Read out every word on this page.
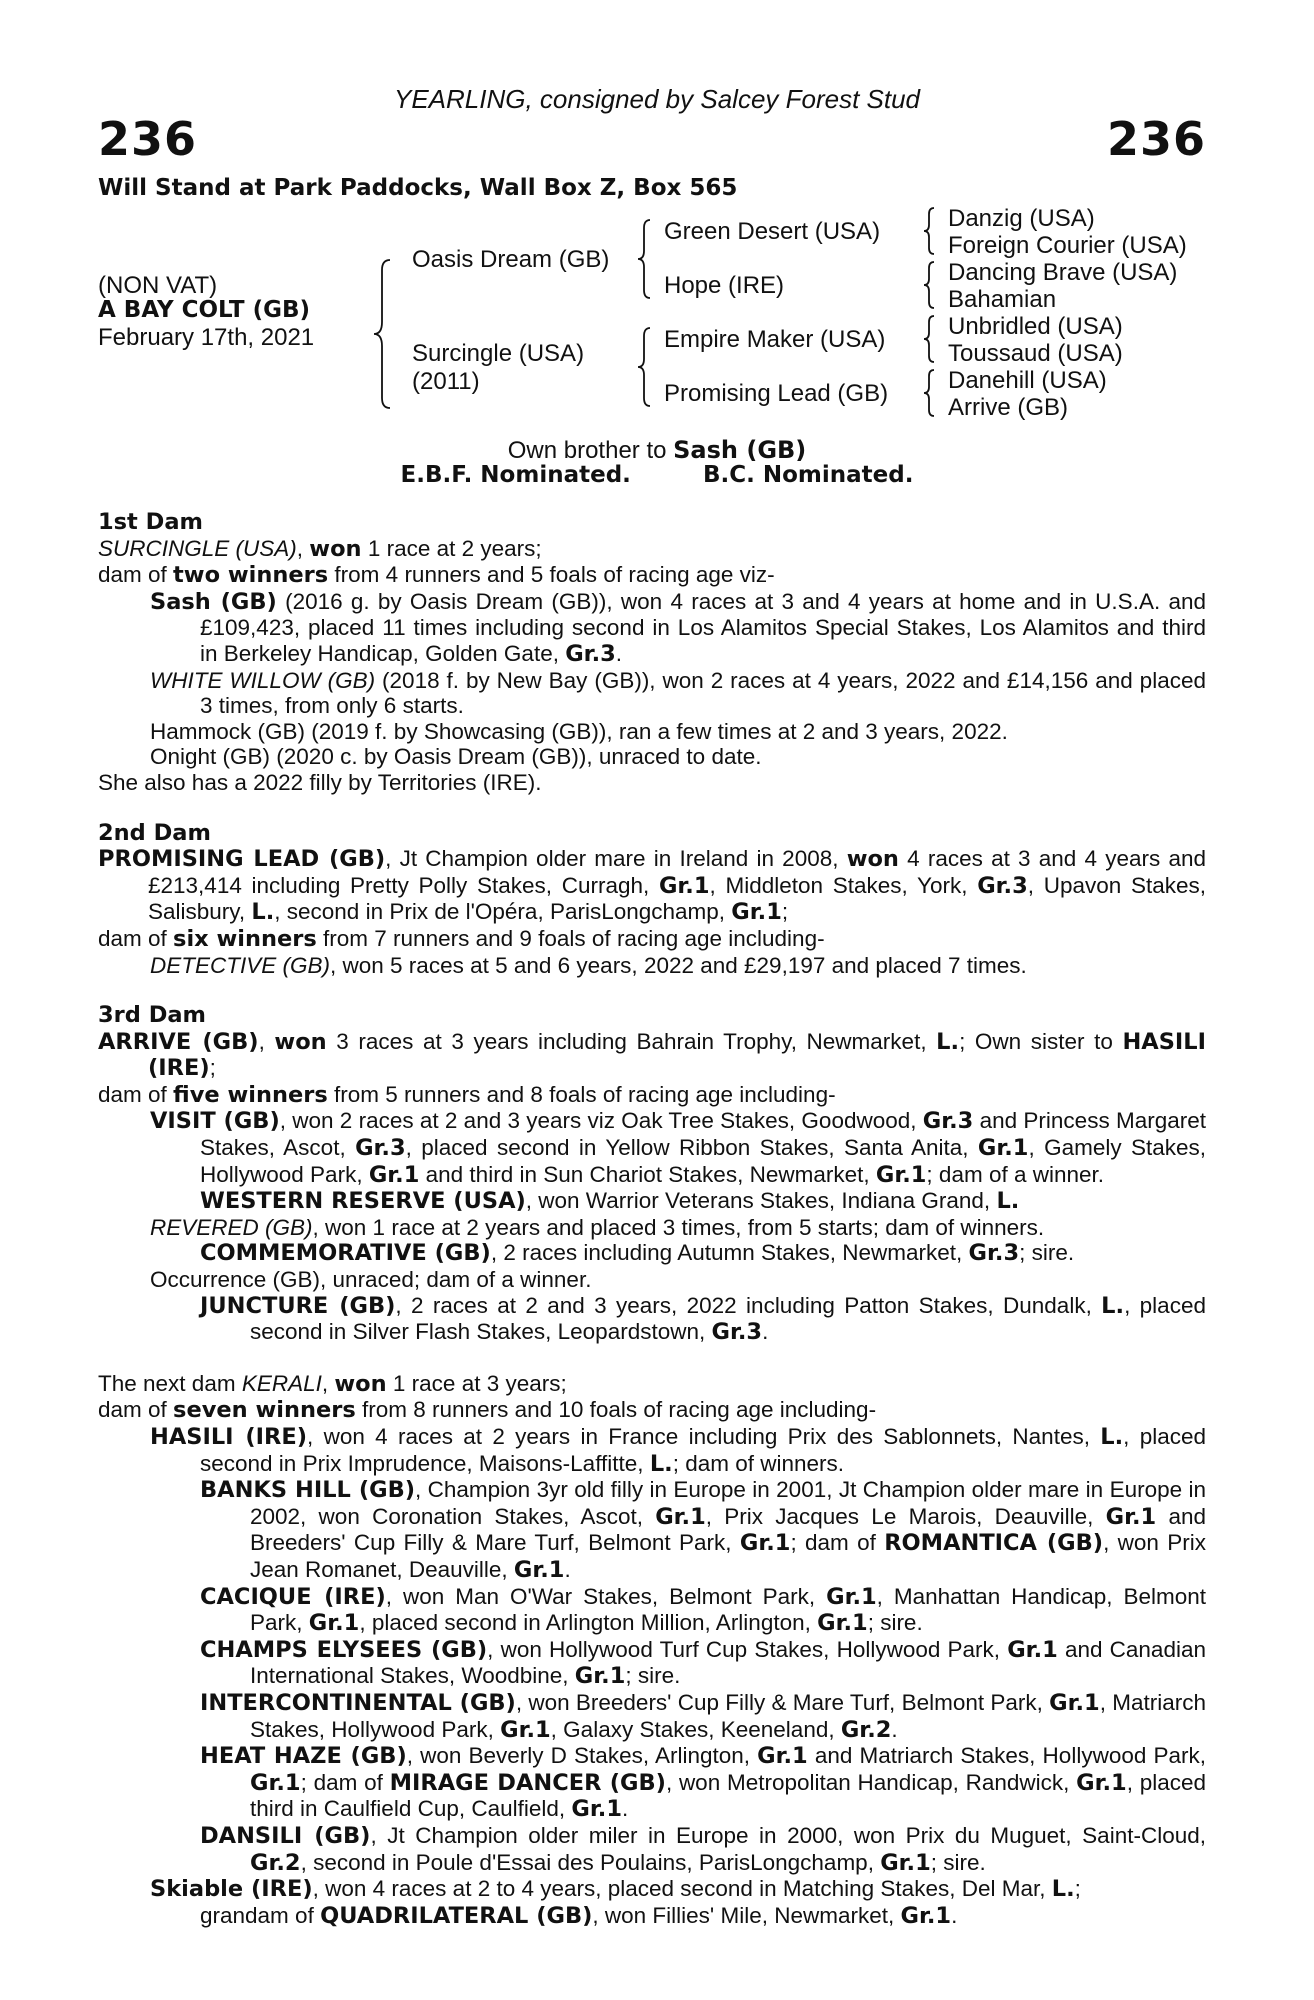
YEARLING, consigned by Salcey Forest Stud
236	236
Will Stand at Park Paddocks, Wall Box Z, Box 565
(NON VAT)
A BAY COLT (GB)
February 17th, 2021
Oasis Dream (GB)
Surcingle (USA)
(2011)
Green Desert (USA)
Hope (IRE)
Empire Maker (USA)
Promising Lead (GB)
Danzig (USA)
Foreign Courier (USA)
Dancing Brave (USA)
Bahamian
Unbridled (USA)
Toussaud (USA)
Danehill (USA)
Arrive (GB)
Own brother to Sash (GB)
E.B.F. Nominated.	B.C. Nominated.
1st Dam
SURCINGLE (USA), won 1 race at 2 years;
dam of two winners from 4 runners and 5 foals of racing age viz-
Sash (GB) (2016 g. by Oasis Dream (GB)), won 4 races at 3 and 4 years at home and in U.S.A. and £109,423, placed 11 times including second in Los Alamitos Special Stakes, Los Alamitos and third in Berkeley Handicap, Golden Gate, Gr.3.
WHITE WILLOW (GB) (2018 f. by New Bay (GB)), won 2 races at 4 years, 2022 and £14,156 and placed 3 times, from only 6 starts.
Hammock (GB) (2019 f. by Showcasing (GB)), ran a few times at 2 and 3 years, 2022.
Onight (GB) (2020 c. by Oasis Dream (GB)), unraced to date.
She also has a 2022 filly by Territories (IRE).
2nd Dam
PROMISING LEAD (GB), Jt Champion older mare in Ireland in 2008, won 4 races at 3 and 4 years and £213,414 including Pretty Polly Stakes, Curragh, Gr.1, Middleton Stakes, York, Gr.3, Upavon Stakes, Salisbury, L., second in Prix de l'Opéra, ParisLongchamp, Gr.1;
dam of six winners from 7 runners and 9 foals of racing age including-
DETECTIVE (GB), won 5 races at 5 and 6 years, 2022 and £29,197 and placed 7 times.
3rd Dam
ARRIVE (GB), won 3 races at 3 years including Bahrain Trophy, Newmarket, L.; Own sister to HASILI (IRE);
dam of five winners from 5 runners and 8 foals of racing age including-
VISIT (GB), won 2 races at 2 and 3 years viz Oak Tree Stakes, Goodwood, Gr.3 and Princess Margaret Stakes, Ascot, Gr.3, placed second in Yellow Ribbon Stakes, Santa Anita, Gr.1, Gamely Stakes, Hollywood Park, Gr.1 and third in Sun Chariot Stakes, Newmarket, Gr.1; dam of a winner.
WESTERN RESERVE (USA), won Warrior Veterans Stakes, Indiana Grand, L.
REVERED (GB), won 1 race at 2 years and placed 3 times, from 5 starts; dam of winners.
COMMEMORATIVE (GB), 2 races including Autumn Stakes, Newmarket, Gr.3; sire.
Occurrence (GB), unraced; dam of a winner.
JUNCTURE (GB), 2 races at 2 and 3 years, 2022 including Patton Stakes, Dundalk, L., placed second in Silver Flash Stakes, Leopardstown, Gr.3.
The next dam KERALI, won 1 race at 3 years;
dam of seven winners from 8 runners and 10 foals of racing age including-
HASILI (IRE), won 4 races at 2 years in France including Prix des Sablonnets, Nantes, L., placed second in Prix Imprudence, Maisons-Laffitte, L.; dam of winners.
BANKS HILL (GB), Champion 3yr old filly in Europe in 2001, Jt Champion older mare in Europe in 2002, won Coronation Stakes, Ascot, Gr.1, Prix Jacques Le Marois, Deauville, Gr.1 and Breeders' Cup Filly & Mare Turf, Belmont Park, Gr.1; dam of ROMANTICA (GB), won Prix Jean Romanet, Deauville, Gr.1.
CACIQUE (IRE), won Man O'War Stakes, Belmont Park, Gr.1, Manhattan Handicap, Belmont Park, Gr.1, placed second in Arlington Million, Arlington, Gr.1; sire.
CHAMPS ELYSEES (GB), won Hollywood Turf Cup Stakes, Hollywood Park, Gr.1 and Canadian International Stakes, Woodbine, Gr.1; sire.
INTERCONTINENTAL (GB), won Breeders' Cup Filly & Mare Turf, Belmont Park, Gr.1, Matriarch Stakes, Hollywood Park, Gr.1, Galaxy Stakes, Keeneland, Gr.2.
HEAT HAZE (GB), won Beverly D Stakes, Arlington, Gr.1 and Matriarch Stakes, Hollywood Park, Gr.1; dam of MIRAGE DANCER (GB), won Metropolitan Handicap, Randwick, Gr.1, placed third in Caulfield Cup, Caulfield, Gr.1.
DANSILI (GB), Jt Champion older miler in Europe in 2000, won Prix du Muguet, Saint-Cloud, Gr.2, second in Poule d'Essai des Poulains, ParisLongchamp, Gr.1; sire.
Skiable (IRE), won 4 races at 2 to 4 years, placed second in Matching Stakes, Del Mar, L.;
grandam of QUADRILATERAL (GB), won Fillies' Mile, Newmarket, Gr.1.
